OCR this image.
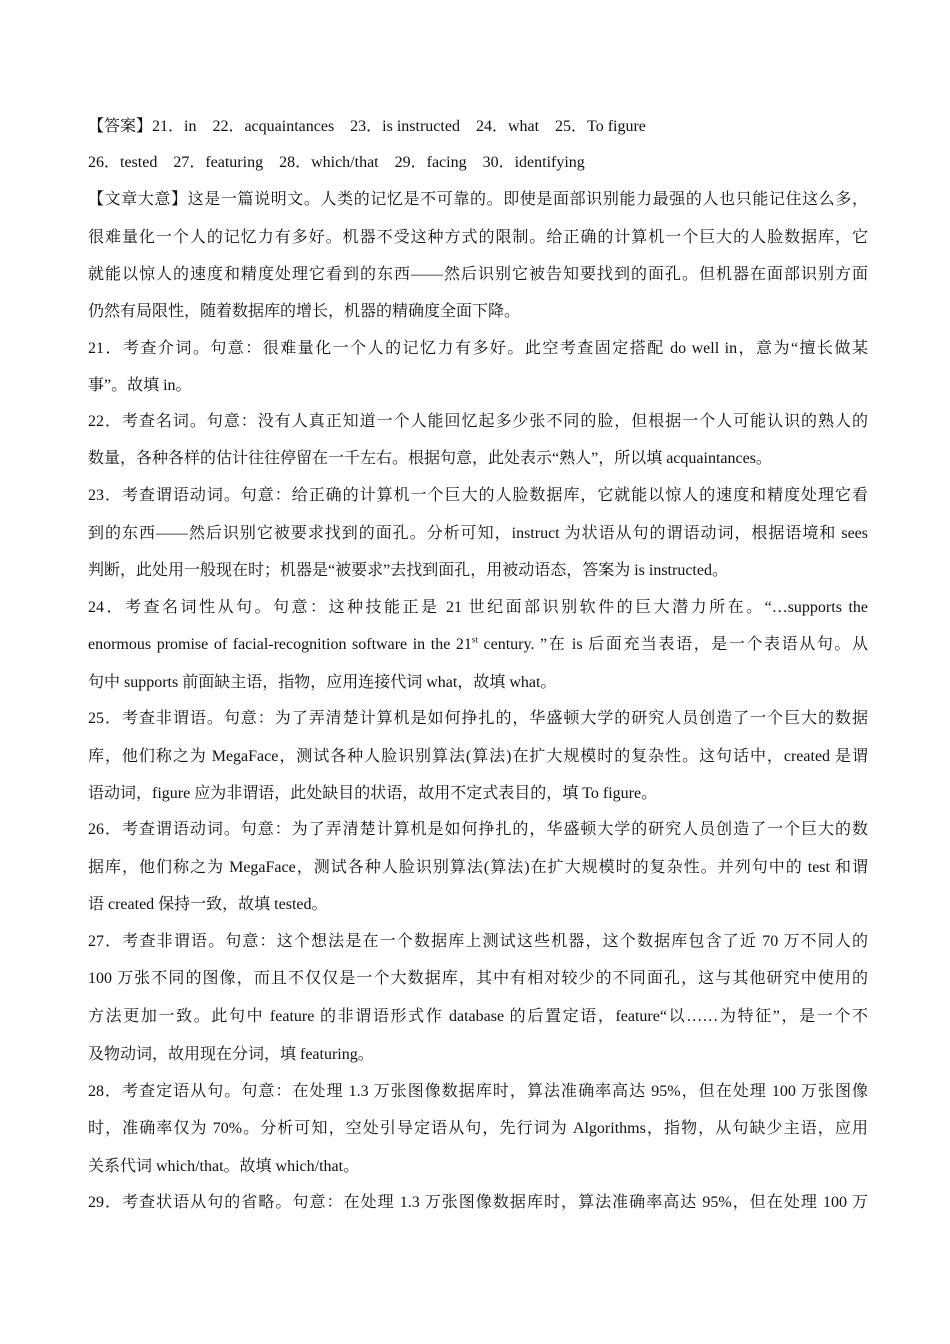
【答案】21．in　22．acquaintances　23．is instructed　24．what　25．To figure
26．tested　27．featuring　28．which/that　29．facing　30．identifying
【文章大意】这是一篇说明文。人类的记忆是不可靠的。即使是面部识别能力最强的人也只能记住这么多，
很难量化一个人的记忆力有多好。机器不受这种方式的限制。给正确的计算机一个巨大的人脸数据库，它
就能以惊人的速度和精度处理它看到的东西——然后识别它被告知要找到的面孔。但机器在面部识别方面
仍然有局限性，随着数据库的增长，机器的精确度全面下降。
21．考查介词。句意：很难量化一个人的记忆力有多好。此空考查固定搭配 do well in，意为“擅长做某
事”。故填 in。
22．考查名词。句意：没有人真正知道一个人能回忆起多少张不同的脸，但根据一个人可能认识的熟人的
数量，各种各样的估计往往停留在一千左右。根据句意，此处表示“熟人”，所以填 acquaintances。
23．考查谓语动词。句意：给正确的计算机一个巨大的人脸数据库，它就能以惊人的速度和精度处理它看
到的东西——然后识别它被要求找到的面孔。分析可知，instruct 为状语从句的谓语动词，根据语境和 sees
判断，此处用一般现在时；机器是“被要求”去找到面孔，用被动语态，答案为 is instructed。
24．考查名词性从句。句意：这种技能正是 21 世纪面部识别软件的巨大潜力所在。“…supports the
enormous promise of facial-recognition software in the 21st century. ”在 is 后面充当表语，是一个表语从句。从
句中 supports 前面缺主语，指物，应用连接代词 what，故填 what。
25．考查非谓语。句意：为了弄清楚计算机是如何挣扎的，华盛顿大学的研究人员创造了一个巨大的数据
库，他们称之为 MegaFace，测试各种人脸识别算法(算法)在扩大规模时的复杂性。这句话中，created 是谓
语动词，figure 应为非谓语，此处缺目的状语，故用不定式表目的，填 To figure。
26．考查谓语动词。句意：为了弄清楚计算机是如何挣扎的，华盛顿大学的研究人员创造了一个巨大的数
据库，他们称之为 MegaFace，测试各种人脸识别算法(算法)在扩大规模时的复杂性。并列句中的 test 和谓
语 created 保持一致，故填 tested。
27．考查非谓语。句意：这个想法是在一个数据库上测试这些机器，这个数据库包含了近 70 万不同人的
100 万张不同的图像，而且不仅仅是一个大数据库，其中有相对较少的不同面孔，这与其他研究中使用的
方法更加一致。此句中 feature 的非谓语形式作 database 的后置定语，feature“以……为特征”，是一个不
及物动词，故用现在分词，填 featuring。
28．考查定语从句。句意：在处理 1.3 万张图像数据库时，算法准确率高达 95%，但在处理 100 万张图像
时，准确率仅为 70%。分析可知，空处引导定语从句，先行词为 Algorithms，指物，从句缺少主语，应用
关系代词 which/that。故填 which/that。
29．考查状语从句的省略。句意：在处理 1.3 万张图像数据库时，算法准确率高达 95%，但在处理 100 万
